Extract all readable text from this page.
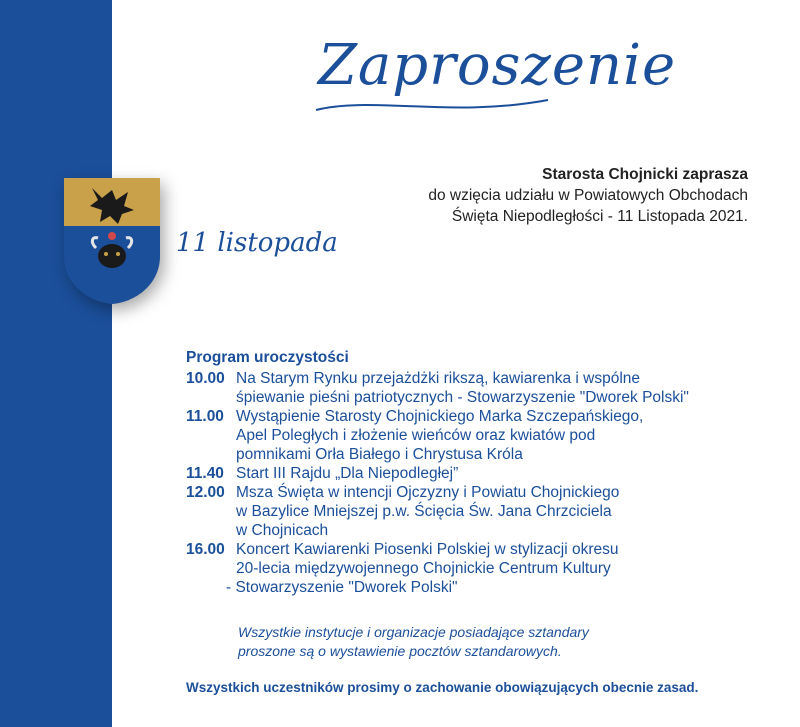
Zaproszenie
Starosta Chojnicki zaprasza
do wzięcia udziału w Powiatowych Obchodach
Święta Niepodległości - 11 Listopada 2021.
11 listopada
Program uroczystości
10.00 Na Starym Rynku przejażdżki rikszą, kawiarenka i wspólne
śpiewanie pieśni patriotycznych - Stowarzyszenie "Dworek Polski"
11.00 Wystąpienie Starosty Chojnickiego Marka Szczepańskiego,
Apel Poległych i złożenie wieńców oraz kwiatów pod
pomnikami Orła Białego i Chrystusa Króla
11.40 Start III Rajdu „Dla Niepodległej”
12.00 Msza Święta w intencji Ojczyzny i Powiatu Chojnickiego
w Bazylice Mniejszej p.w. Ścięcia Św. Jana Chrzciciela
w Chojnicach
16.00 Koncert Kawiarenki Piosenki Polskiej w stylizacji okresu
20-lecia międzywojennego Chojnickie Centrum Kultury
- Stowarzyszenie "Dworek Polski"
Wszystkie instytucje i organizacje posiadające sztandary
proszone są o wystawienie pocztów sztandarowych.
Wszystkich uczestników prosimy o zachowanie obowiązujących obecnie zasad.
